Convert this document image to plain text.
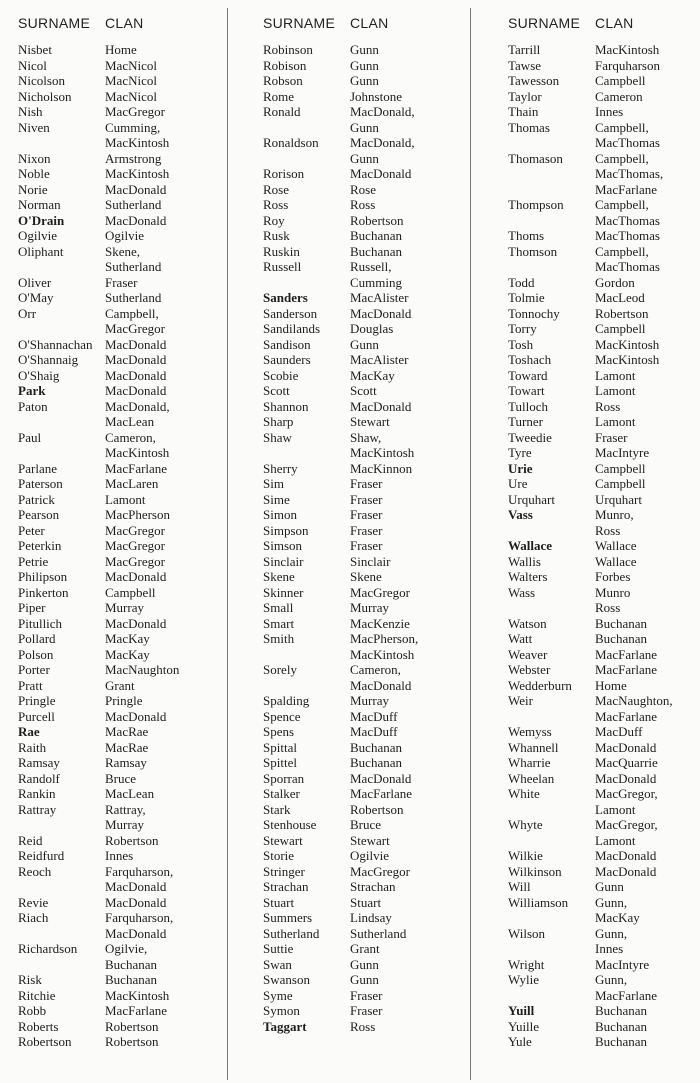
SURNAME CLAN
Nisbet	Home
Nicol	MacNicol
Nicolson	MacNicol
Nicholson	MacNicol
Nish	MacGregor
Niven	Cumming,
MacKintosh
Nixon	Armstrong
Noble	MacKintosh
Norie	MacDonald
Norman	Sutherland
O'Drain	MacDonald
Ogilvie	Ogilvie
Oliphant	Skene,
Sutherland
Oliver	Fraser
O'May	Sutherland
Orr	Campbell,
MacGregor
O'Shannachan MacDonald
O'Shannaig MacDonald
O'Shaig	MacDonald
Park	MacDonald
Paton	MacDonald,
MacLean
Paul	Cameron,
MacKintosh
Parlane	MacFarlane
Paterson	MacLaren
Patrick	Lamont
Pearson	MacPherson
Peter	MacGregor
Peterkin	MacGregor
Petrie	MacGregor
Philipson	MacDonald
Pinkerton	Campbell
Piper	Murray
Pitullich	MacDonald
Pollard	MacKay
Polson	MacKay
Porter	MacNaughton
Pratt	Grant
Pringle	Pringle
Purcell	MacDonald
Rae	MacRae
Raith	MacRae
Ramsay	Ramsay
Randolf	Bruce
Rankin	MacLean
Rattray	Rattray,
Murray
Reid	Robertson
Reidfurd	Innes
Reoch	Farquharson,
MacDonald
Revie	MacDonald
Riach	Farquharson,
MacDonald
Richardson Ogilvie,
Buchanan
Risk	Buchanan
Ritchie	MacKintosh
Robb	MacFarlane
Roberts	Robertson
Robertson	Robertson
SURNAME CLAN
Robinson	Gunn
Robison	Gunn
Robson	Gunn
Rome	Johnstone
Ronald	MacDonald,
Gunn
Ronaldson MacDonald,
Gunn
Rorison	MacDonald
Rose	Rose
Ross	Ross
Roy	Robertson
Rusk	Buchanan
Ruskin	Buchanan
Russell	Russell,
Cumming
Sanders	MacAlister
Sanderson	MacDonald
Sandilands Douglas
Sandison	Gunn
Saunders	MacAlister
Scobie	MacKay
Scott	Scott
Shannon	MacDonald
Sharp	Stewart
Shaw	Shaw,
MacKintosh
Sherry	MacKinnon
Sim	Fraser
Sime	Fraser
Simon	Fraser
Simpson	Fraser
Simson	Fraser
Sinclair	Sinclair
Skene	Skene
Skinner	MacGregor
Small	Murray
Smart	MacKenzie
Smith	MacPherson,
MacKintosh
Sorely	Cameron,
MacDonald
Spalding	Murray
Spence	MacDuff
Spens	MacDuff
Spittal	Buchanan
Spittel	Buchanan
Sporran	MacDonald
Stalker	MacFarlane
Stark	Robertson
Stenhouse	Bruce
Stewart	Stewart
Storie	Ogilvie
Stringer	MacGregor
Strachan	Strachan
Stuart	Stuart
Summers	Lindsay
Sutherland Sutherland
Suttie	Grant
Swan	Gunn
Swanson	Gunn
Syme	Fraser
Symon	Fraser
Taggart	Ross
SURNAME CLAN
Tarrill	MacKintosh
Tawse	Farquharson
Tawesson	Campbell
Taylor	Cameron
Thain	Innes
Thomas	Campbell,
MacThomas
Thomason Campbell,
MacThomas,
MacFarlane
Thompson Campbell,
MacThomas
Thoms	MacThomas
Thomson	Campbell,
MacThomas
Todd	Gordon
Tolmie	MacLeod
Tonnochy	Robertson
Torry	Campbell
Tosh	MacKintosh
Toshach	MacKintosh
Toward	Lamont
Towart	Lamont
Tulloch	Ross
Turner	Lamont
Tweedie	Fraser
Tyre	MacIntyre
Urie	Campbell
Ure	Campbell
Urquhart	Urquhart
Vass	Munro,
Ross
Wallace	Wallace
Wallis	Wallace
Walters	Forbes
Wass	Munro
Ross
Watson	Buchanan
Watt	Buchanan
Weaver	MacFarlane
Webster	MacFarlane
Wedderburn Home
Weir	MacNaughton,
MacFarlane
Wemyss	MacDuff
Whannell	MacDonald
Wharrie	MacQuarrie
Wheelan	MacDonald
White	MacGregor,
Lamont
Whyte	MacGregor,
Lamont
Wilkie	MacDonald
Wilkinson	MacDonald
Will	Gunn
Williamson Gunn,
MacKay
Wilson	Gunn,
Innes
Wright	MacIntyre
Wylie	Gunn,
MacFarlane
Yuill	Buchanan
Yuille	Buchanan
Yule	Buchanan
